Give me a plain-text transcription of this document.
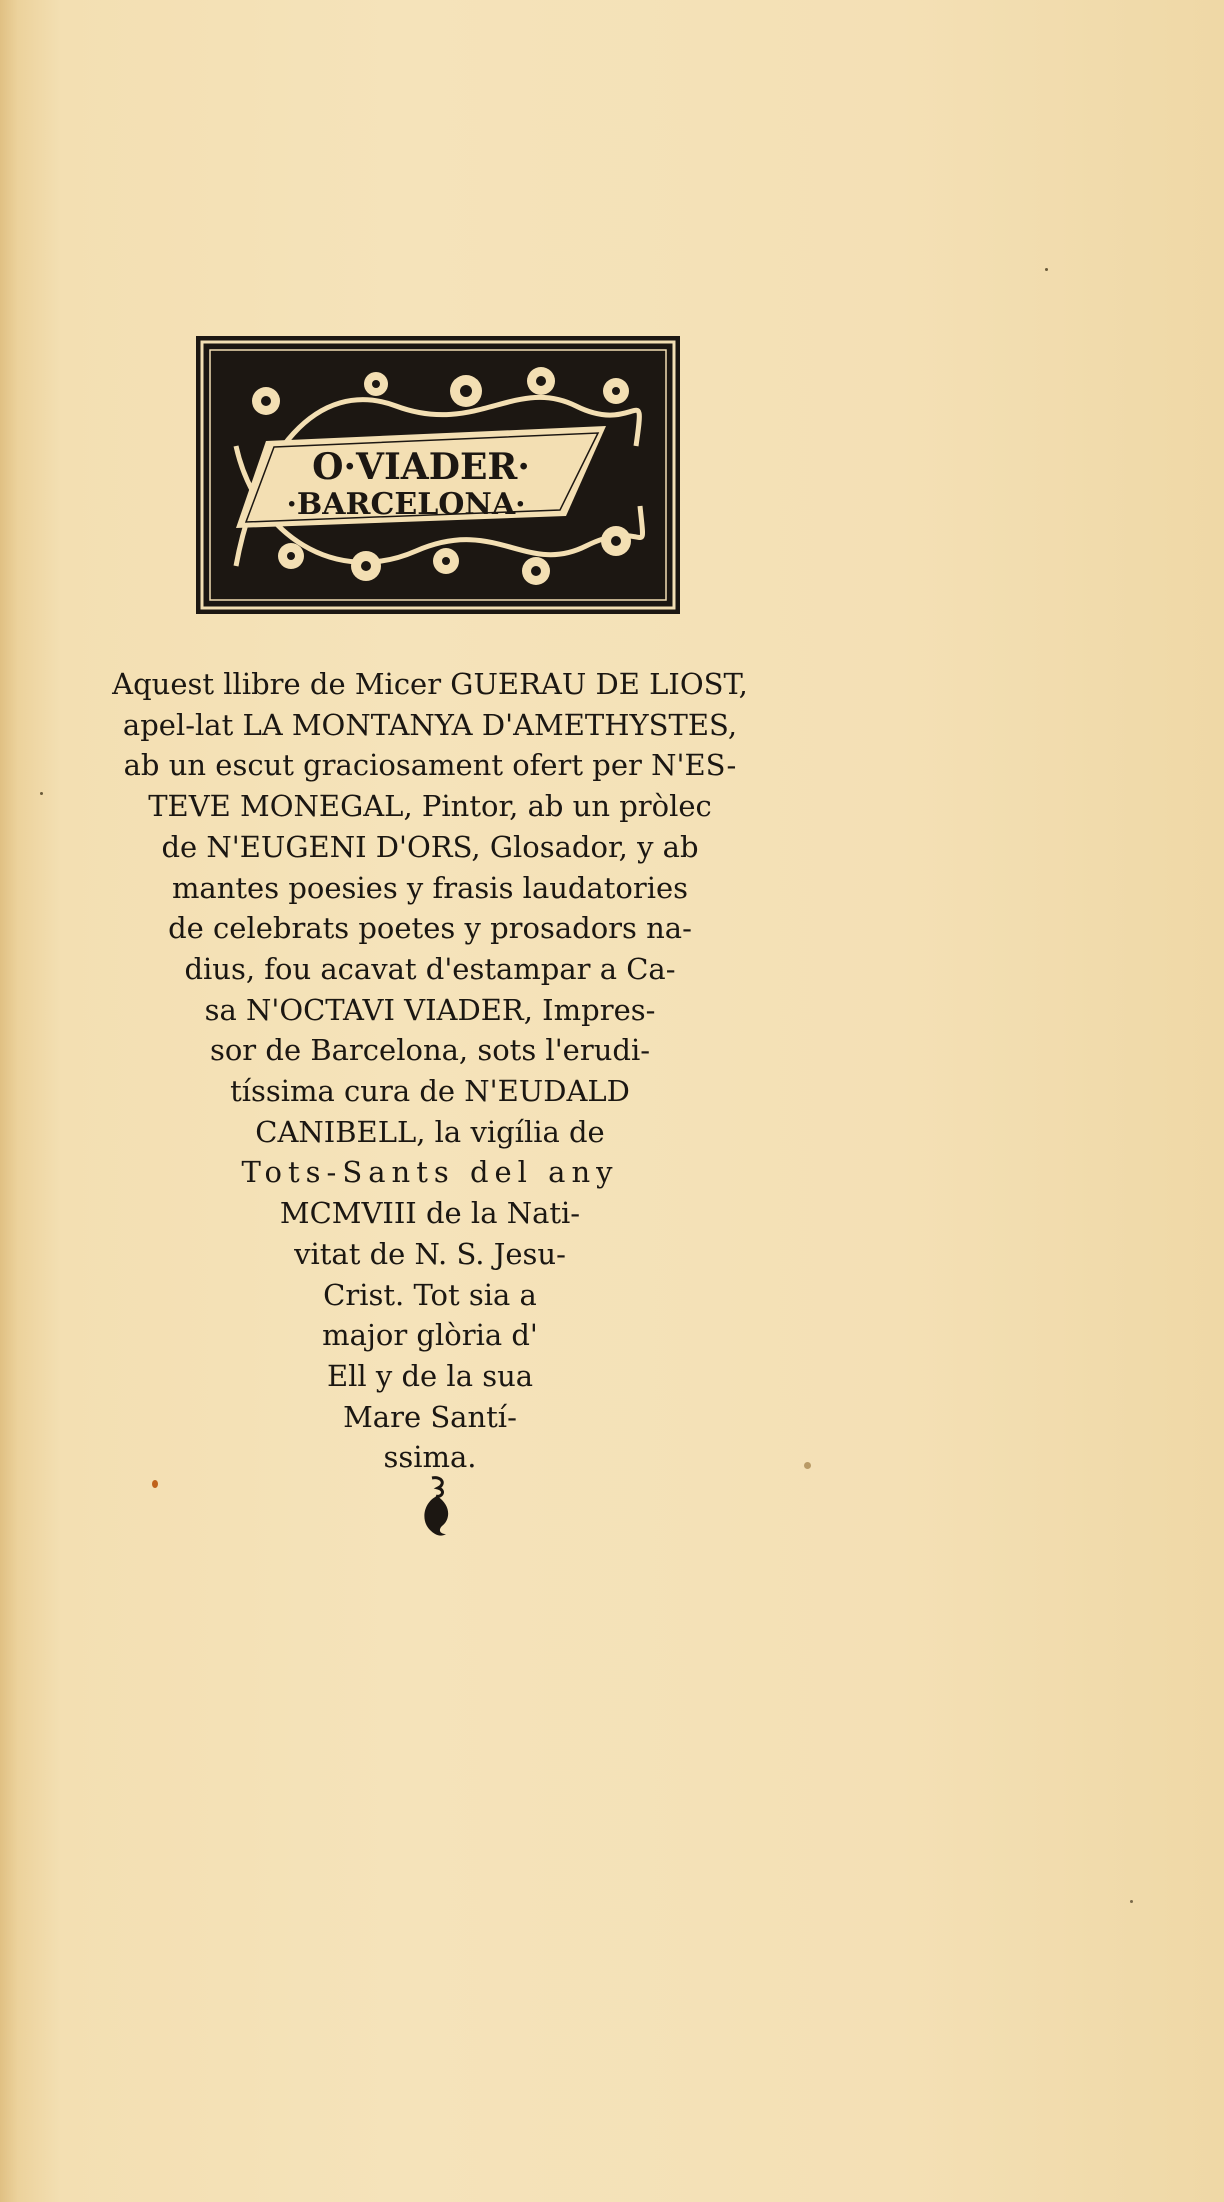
O·VIADER·
·BARCELONA·
Aquest llibre de Micer GUERAU DE LIOST,
apel-lat LA MONTANYA D'AMETHYSTES,
ab un escut graciosament ofert per N'ES-
TEVE MONEGAL, Pintor, ab un pròlec
de N'EUGENI D'ORS, Glosador, y ab
mantes poesies y frasis laudatories
de celebrats poetes y prosadors na-
dius, fou acavat d'estampar a Ca-
sa N'OCTAVI VIADER, Impres-
sor de Barcelona, sots l'erudi-
tíssima cura de N'EUDALD
CANIBELL, la vigília de
Tots-Sants del any
MCMVIII de la Nati-
vitat de N. S. Jesu-
Crist. Tot sia a
major glòria d'
Ell y de la sua
Mare Santí-
ssima.
